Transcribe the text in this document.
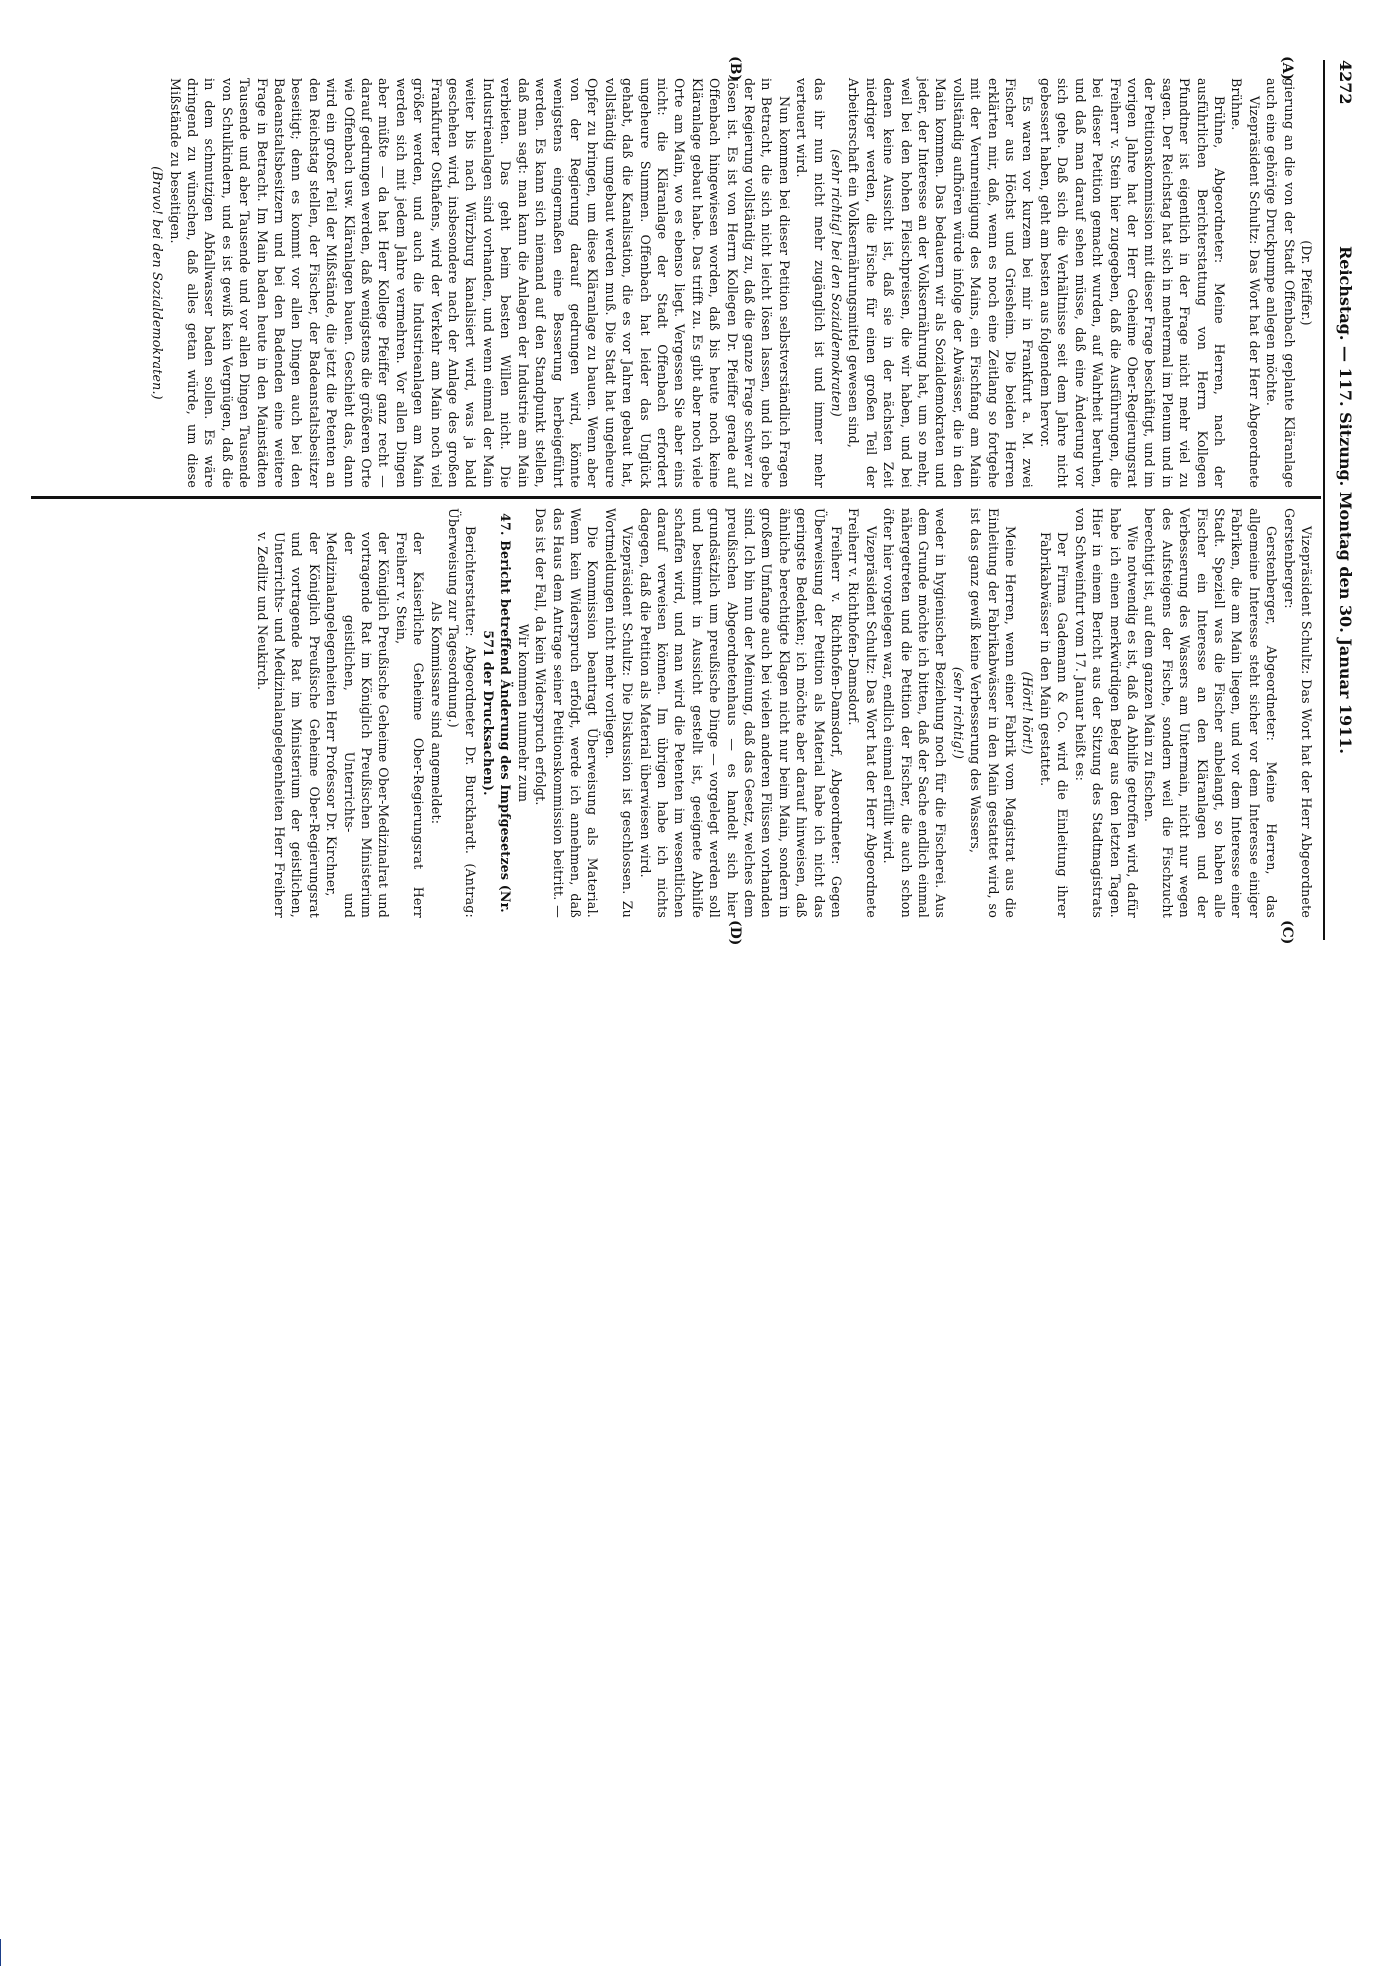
4272
Reichstag. — 117. Sitzung. Montag den 30. Januar 1911.
(A)
(B)
(C)
(D)

(Dr. Pfeiffer.)

gierung an die von der Stadt Offenbach geplante Kläranlage auch eine gehörige Druckpumpe anlegen möchte.

Vizepräsident Schultz: Das Wort hat der Herr Abgeordnete Brühne.

Brühne, Abgeordneter: Meine Herren, nach der ausführlichen Berichterstattung von Herrn Kollegen Pfundtner ist eigentlich in der Frage nicht mehr viel zu sagen. Der Reichstag hat sich in mehrermal im Plenum und in der Petitionskommission mit dieser Frage beschäftigt, und im vorigen Jahre hat der Herr Geheime Ober-Regierungsrat Freiherr v. Stein hier zugegeben, daß die Ausführungen, die bei dieser Petition gemacht wurden, auf Wahrheit beruhen, und daß man darauf sehen müsse, daß eine Änderung vor sich gehe. Daß sich die Verhältnisse seit dem Jahre nicht gebessert haben, geht am besten aus folgendem hervor.

Es waren vor kurzem bei mir in Frankfurt a. M. zwei Fischer aus Höchst und Griesheim. Die beiden Herren erklärten mir, daß, wenn es noch eine Zeitlang so fortgehe mit der Verunreinigung des Mains, ein Fischfang am Main vollständig aufhören würde infolge der Abwässer, die in den Main kommen. Das bedauern wir als Sozialdemokraten und jeder, der Interesse an der Volksernährung hat, um so mehr, weil bei den hohen Fleischpreisen, die wir haben, und bei denen keine Aussicht ist, daß sie in der nächsten Zeit niedriger werden, die Fische für einen großen Teil der Arbeiterschaft ein Volksernährungsmittel gewesen sind,

(sehr richtig! bei den Sozialdemokraten)

das ihr nun nicht mehr zugänglich ist und immer mehr verteuert wird.

Nun kommen bei dieser Petition selbstverständlich Fragen in Betracht, die sich nicht leicht lösen lassen, und ich gebe der Regierung vollständig zu, daß die ganze Frage schwer zu lösen ist. Es ist von Herrn Kollegen Dr. Pfeiffer gerade auf Offenbach hingewiesen worden, daß bis heute noch keine Kläranlage gebaut habe. Das trifft zu. Es gibt aber noch viele Orte am Main, wo es ebenso liegt. Vergessen Sie aber eins nicht: die Kläranlage der Stadt Offenbach erfordert ungeheure Summen. Offenbach hat leider das Unglück gehabt, daß die Kanalisation, die es vor Jahren gebaut hat, vollständig umgebaut werden muß. Die Stadt hat ungeheure Opfer zu bringen, um diese Kläranlage zu bauen. Wenn aber von der Regierung darauf gedrungen wird, könnte wenigstens eingermaßen eine Besserung herbeigeführt werden. Es kann sich niemand auf den Standpunkt stellen, daß man sagt: man kann die Anlagen der Industrie am Main verbieten. Das geht beim besten Willen nicht. Die Industrieanlagen sind vorhanden, und wenn einmal der Main weiter bis nach Würzburg kanalisiert wird, was ja bald geschehen wird, insbesondere nach der Anlage des großen Frankfurter Osthafens, wird der Verkehr am Main noch viel größer werden, und auch die Industrieanlagen am Main werden sich mit jedem Jahre vermehren. Vor allen Dingen aber müßte — da hat Herr Kollege Pfeiffer ganz recht — darauf gedrungen werden, daß wenigstens die größeren Orte wie Offenbach usw. Kläranlagen bauen. Geschieht das, dann wird ein großer Teil der Mißstände, die jetzt die Petenten an den Reichstag stellen, der Fischer, der Badeanstaltsbesitzer beseitigt; denn es kommt vor allen Dingen auch bei den Badeanstaltsbesitzern und bei den Badenden eine weitere Frage in Betracht. Im Main baden heute in den Mainstädten Tausende und aber Tausende und vor allen Dingen Tausende von Schulkindern, und es ist gewiß kein Vergnügen, daß die in dem schmutzigen Abfallwasser baden sollen. Es wäre dringend zu wünschen, daß alles getan würde, um diese Mißstände zu beseitigen.

(Bravo! bei den Sozialdemokraten.)

Vizepräsident Schultz: Das Wort hat der Herr Abgeordnete Gerstenberger:

Gerstenberger, Abgeordneter: Meine Herren, das allgemeine Interesse steht sicher vor dem Interesse einiger Fabriken, die am Main liegen, und vor dem Interesse einer Stadt. Speziell was die Fischer anbelangt, so haben alle Fischer ein Interesse an den Kläranlagen und der Verbesserung des Wassers am Untermain, nicht nur wegen des Aufsteigens der Fische, sondern weil die Fischzucht berechtigt ist, auf dem ganzen Main zu fischen.

Wie notwendig es ist, daß da Abhilfe getroffen wird, dafür habe ich einen merkwürdigen Beleg aus den letzten Tagen. Hier in einem Bericht aus der Sitzung des Stadtmagistrats von Schweinfurt vom 17. Januar heißt es:

Der Firma Gademann & Co. wird die Einleitung ihrer Fabrikabwässer in den Main gestattet.

(Hört! hört!)

Meine Herren, wenn einer Fabrik vom Magistrat aus die Einleitung der Fabrikabwässer in den Main gestattet wird, so ist das ganz gewiß keine Verbesserung des Wassers,

(sehr richtig!)

weder in hygienischer Beziehung noch für die Fischerei. Aus dem Grunde möchte ich bitten, daß der Sache endlich einmal nähergetreten und die Petition der Fischer, die auch schon öfter hier vorgelegen war, endlich einmal erfüllt wird.

Vizepräsident Schultz: Das Wort hat der Herr Abgeordnete Freiherr v. Richthofen-Damsdorf.

Freiherr v. Richthofen-Damsdorf, Abgeordneter: Gegen Überweisung der Petition als Material habe ich nicht das geringste Bedenken; ich möchte aber darauf hinweisen, daß ähnliche berechtigte Klagen nicht nur beim Main, sondern in großem Umfange auch bei vielen anderen Flüssen vorhanden sind. Ich bin nun der Meinung, daß das Gesetz, welches dem preußischen Abgeordnetenhaus — es handelt sich hier grundsätzlich um preußische Dinge — vorgelegt werden soll und bestimmt in Aussicht gestellt ist, geeignete Abhilfe schaffen wird, und man wird die Petenten im wesentlichen darauf verweisen können. Im übrigen habe ich nichts dagegen, daß die Petition als Material überwiesen wird.

Vizepräsident Schultz: Die Diskussion ist geschlossen. Zu Wortmeldungen nicht mehr vorliegen.

Die Kommission beantragt Überweisung als Material. Wenn kein Widerspruch erfolgt, werde ich annehmen, daß das Haus dem Antrage seiner Petitionskommission beitritt. — Das ist der Fall, da kein Widerspruch erfolgt.

Wir kommen nunmehr zum

47. Bericht betreffend Änderung des Impfgesetzes (Nr. 571 der Drucksachen).

Berichterstatter: Abgeordneter Dr. Burckhardt. (Antrag: Überweisung zur Tagesordnung.)

Als Kommissare sind angemeldet:

der Kaiserliche Geheime Ober-Regierungsrat Herr Freiherr v. Stein,

der Königlich Preußische Geheime Ober-Medizinalrat und vortragende Rat im Königlich Preußischen Ministerium der geistlichen, Unterrichts- und Medizinalangelegenheiten Herr Professor Dr. Kirchner,

der Königlich Preußische Geheime Ober-Regierungsrat und vortragende Rat im Ministerium der geistlichen, Unterrichts- und Medizinalangelegenheiten Herr Freiherr v. Zedlitz und Neukirch.
